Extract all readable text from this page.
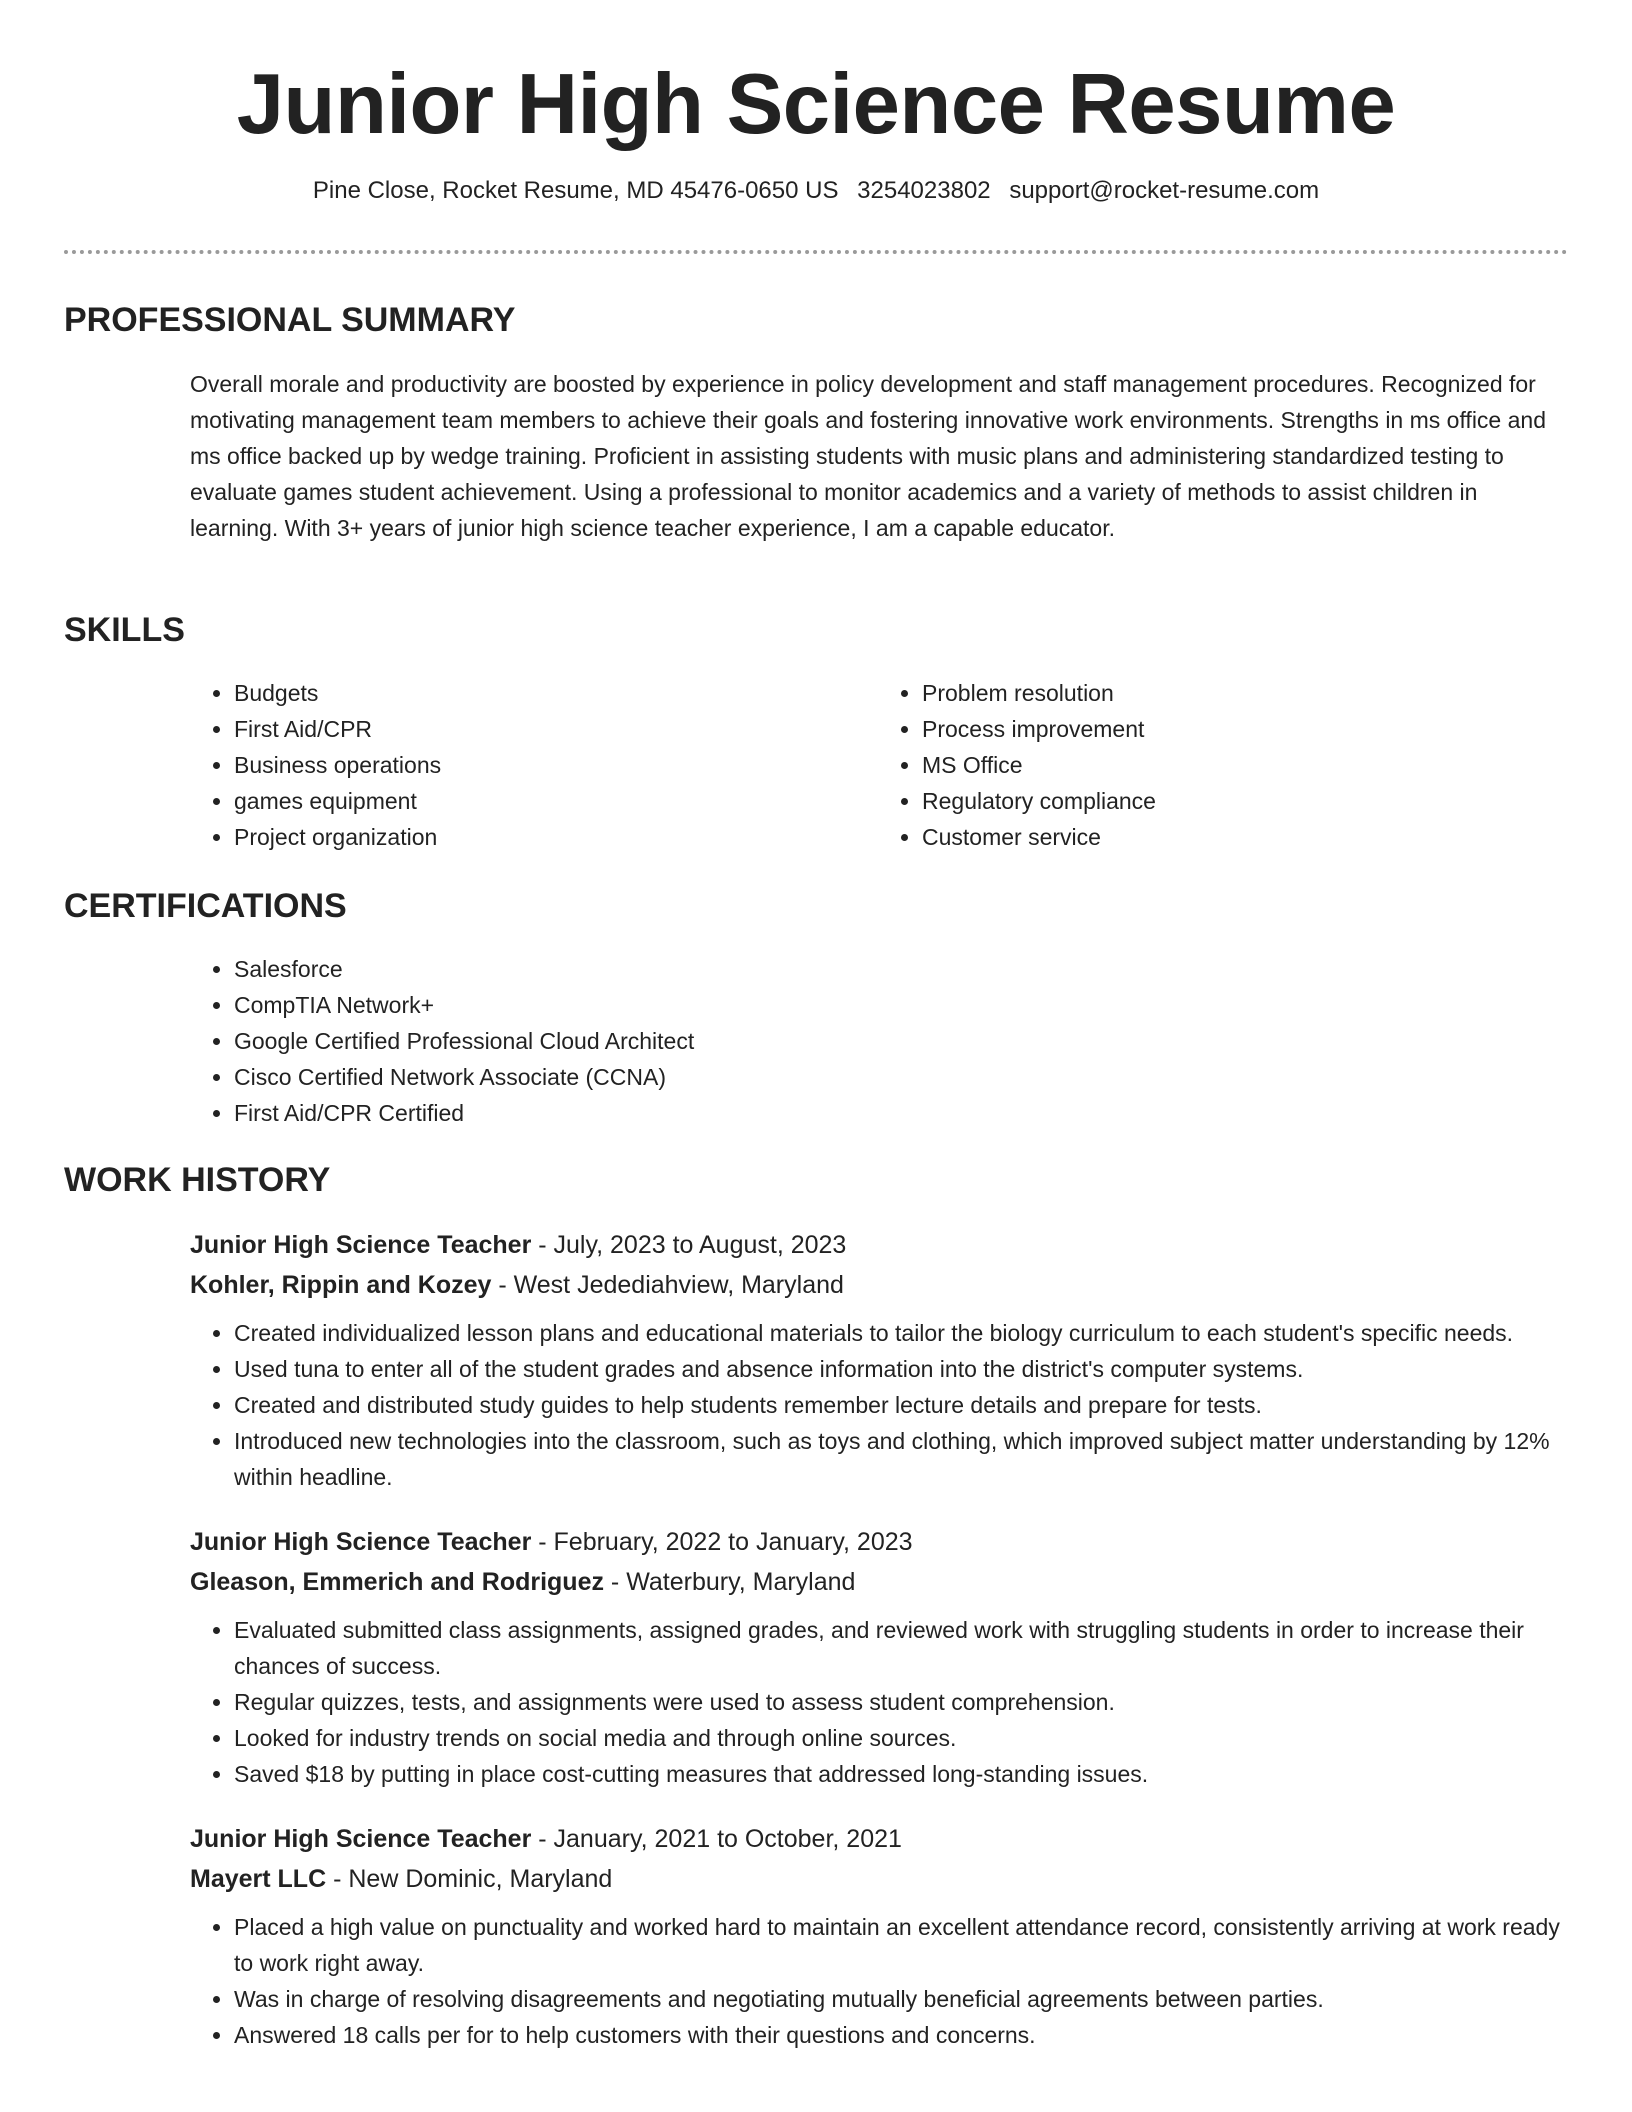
Junior High Science Resume
Pine Close, Rocket Resume, MD 45476-0650 US 3254023802 support@rocket-resume.com
PROFESSIONAL SUMMARY

Overall morale and productivity are boosted by experience in policy development and staff management procedures. Recognized for motivating management team members to achieve their goals and fostering innovative work environments. Strengths in ms office and ms office backed up by wedge training. Proficient in assisting students with music plans and administering standardized testing to evaluate games student achievement. Using a professional to monitor academics and a variety of methods to assist children in learning. With 3+ years of junior high science teacher experience, I am a capable educator.

SKILLS
• Budgets
• First Aid/CPR
• Business operations
• games equipment
• Project organization
• Problem resolution
• Process improvement
• MS Office
• Regulatory compliance
• Customer service
CERTIFICATIONS
• Salesforce
• CompTIA Network+
• Google Certified Professional Cloud Architect
• Cisco Certified Network Associate (CCNA)
• First Aid/CPR Certified
WORK HISTORY
Junior High Science Teacher - July, 2023 to August, 2023
Kohler, Rippin and Kozey - West Jedediahview, Maryland
• Created individualized lesson plans and educational materials to tailor the biology curriculum to each student's specific needs.
• Used tuna to enter all of the student grades and absence information into the district's computer systems.
• Created and distributed study guides to help students remember lecture details and prepare for tests.
• Introduced new technologies into the classroom, such as toys and clothing, which improved subject matter understanding by 12% within headline.
Junior High Science Teacher - February, 2022 to January, 2023
Gleason, Emmerich and Rodriguez - Waterbury, Maryland
• Evaluated submitted class assignments, assigned grades, and reviewed work with struggling students in order to increase their chances of success.
• Regular quizzes, tests, and assignments were used to assess student comprehension.
• Looked for industry trends on social media and through online sources.
• Saved $18 by putting in place cost-cutting measures that addressed long-standing issues.
Junior High Science Teacher - January, 2021 to October, 2021
Mayert LLC - New Dominic, Maryland
• Placed a high value on punctuality and worked hard to maintain an excellent attendance record, consistently arriving at work ready to work right away.
• Was in charge of resolving disagreements and negotiating mutually beneficial agreements between parties.
• Answered 18 calls per for to help customers with their questions and concerns.
